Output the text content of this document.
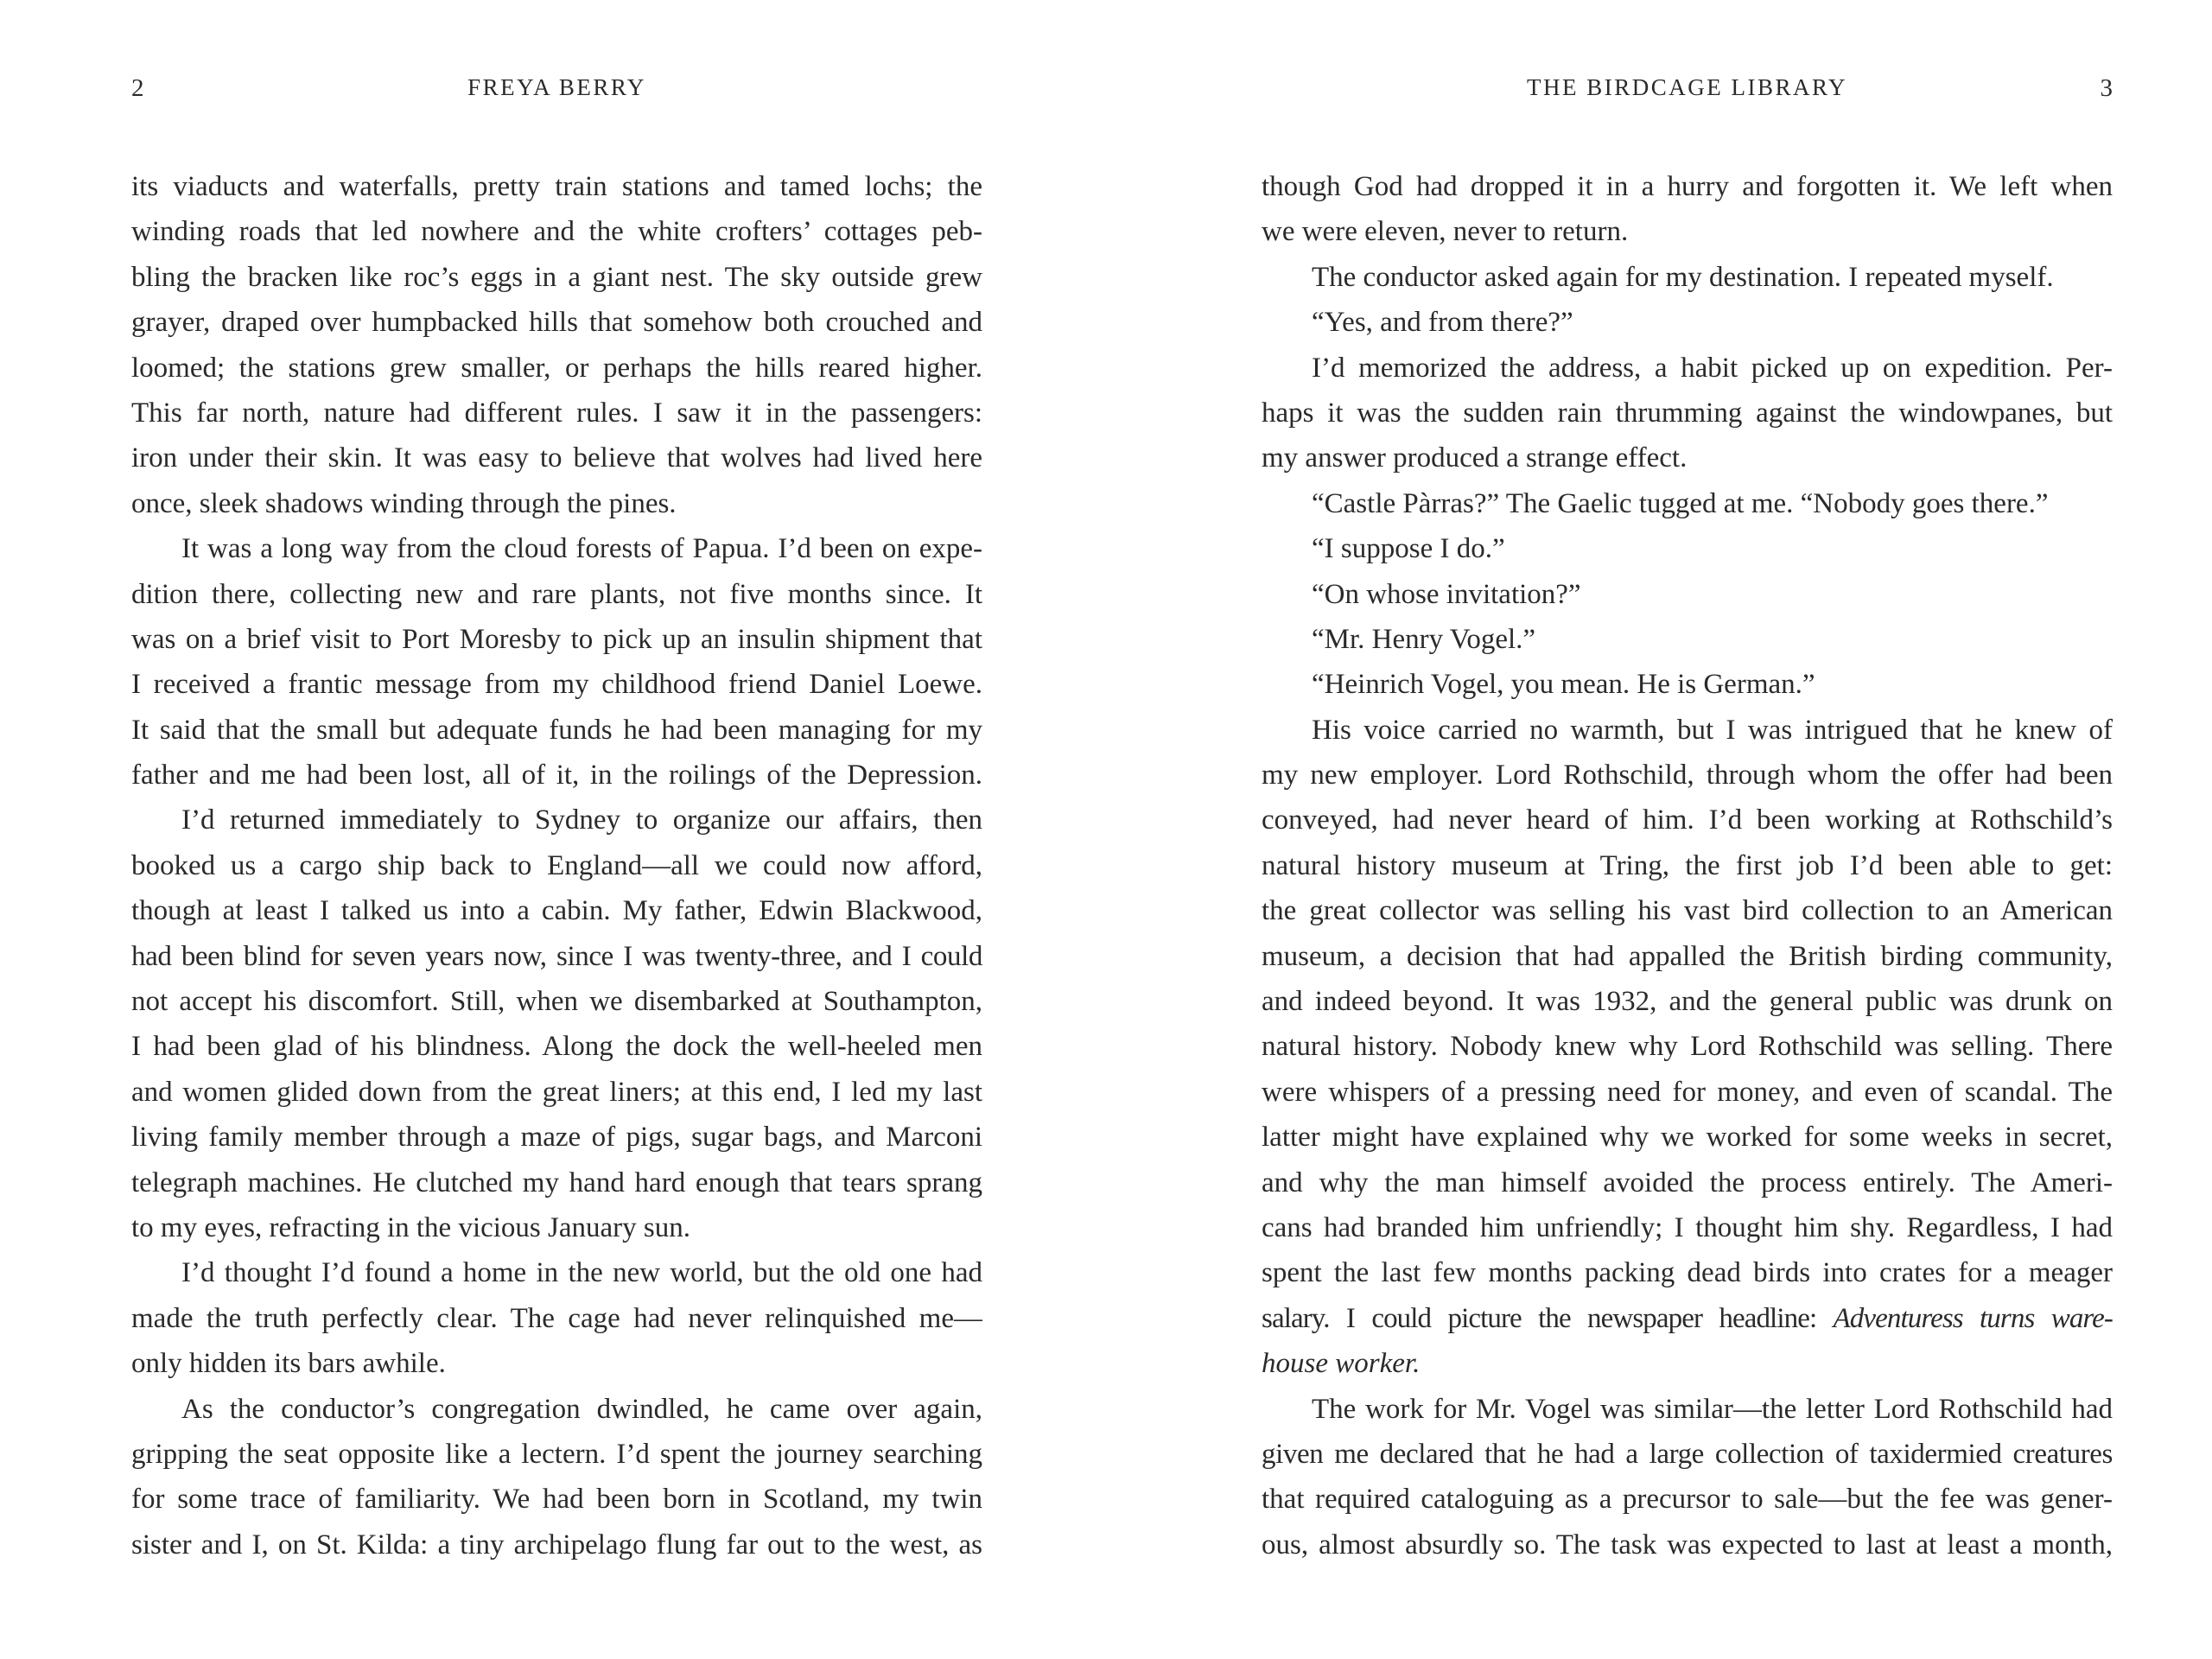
2	FREYA BERRY
its viaducts and waterfalls, pretty train stations and tamed lochs; the
winding roads that led nowhere and the white crofters’ cottages peb-
bling the bracken like roc’s eggs in a giant nest. The sky outside grew
grayer, draped over humpbacked hills that somehow both crouched and
loomed; the stations grew smaller, or perhaps the hills reared higher.
This far north, nature had different rules. I saw it in the passengers:
iron under their skin. It was easy to believe that wolves had lived here
once, sleek shadows winding through the pines.
It was a long way from the cloud forests of Papua. I’d been on expe-
dition there, collecting new and rare plants, not five months since. It
was on a brief visit to Port Moresby to pick up an insulin shipment that
I received a frantic message from my childhood friend Daniel Loewe.
It said that the small but adequate funds he had been managing for my
father and me had been lost, all of it, in the roilings of the Depression.
I’d returned immediately to Sydney to organize our affairs, then
booked us a cargo ship back to England—all we could now afford,
though at least I talked us into a cabin. My father, Edwin Blackwood,
had been blind for seven years now, since I was twenty-three, and I could
not accept his discomfort. Still, when we disembarked at Southampton,
I had been glad of his blindness. Along the dock the well-heeled men
and women glided down from the great liners; at this end, I led my last
living family member through a maze of pigs, sugar bags, and Marconi
telegraph machines. He clutched my hand hard enough that tears sprang
to my eyes, refracting in the vicious January sun.
I’d thought I’d found a home in the new world, but the old one had
made the truth perfectly clear. The cage had never relinquished me—
only hidden its bars awhile.
As the conductor’s congregation dwindled, he came over again,
gripping the seat opposite like a lectern. I’d spent the journey searching
for some trace of familiarity. We had been born in Scotland, my twin
sister and I, on St. Kilda: a tiny archipelago flung far out to the west, as
THE BIRDCAGE LIBRARY	3
though God had dropped it in a hurry and forgotten it. We left when
we were eleven, never to return.
The conductor asked again for my destination. I repeated myself.
“Yes, and from there?”
I’d memorized the address, a habit picked up on expedition. Per-
haps it was the sudden rain thrumming against the windowpanes, but
my answer produced a strange effect.
“Castle Pàrras?” The Gaelic tugged at me. “Nobody goes there.”
“I suppose I do.”
“On whose invitation?”
“Mr. Henry Vogel.”
“Heinrich Vogel, you mean. He is German.”
His voice carried no warmth, but I was intrigued that he knew of
my new employer. Lord Rothschild, through whom the offer had been
conveyed, had never heard of him. I’d been working at Rothschild’s
natural history museum at Tring, the first job I’d been able to get:
the great collector was selling his vast bird collection to an American
museum, a decision that had appalled the British birding community,
and indeed beyond. It was 1932, and the general public was drunk on
natural history. Nobody knew why Lord Rothschild was selling. There
were whispers of a pressing need for money, and even of scandal. The
latter might have explained why we worked for some weeks in secret,
and why the man himself avoided the process entirely. The Ameri-
cans had branded him unfriendly; I thought him shy. Regardless, I had
spent the last few months packing dead birds into crates for a meager
salary. I could picture the newspaper headline: Adventuress turns ware-
house worker.
The work for Mr. Vogel was similar—the letter Lord Rothschild had
given me declared that he had a large collection of taxidermied creatures
that required cataloguing as a precursor to sale—but the fee was gener-
ous, almost absurdly so. The task was expected to last at least a month,
